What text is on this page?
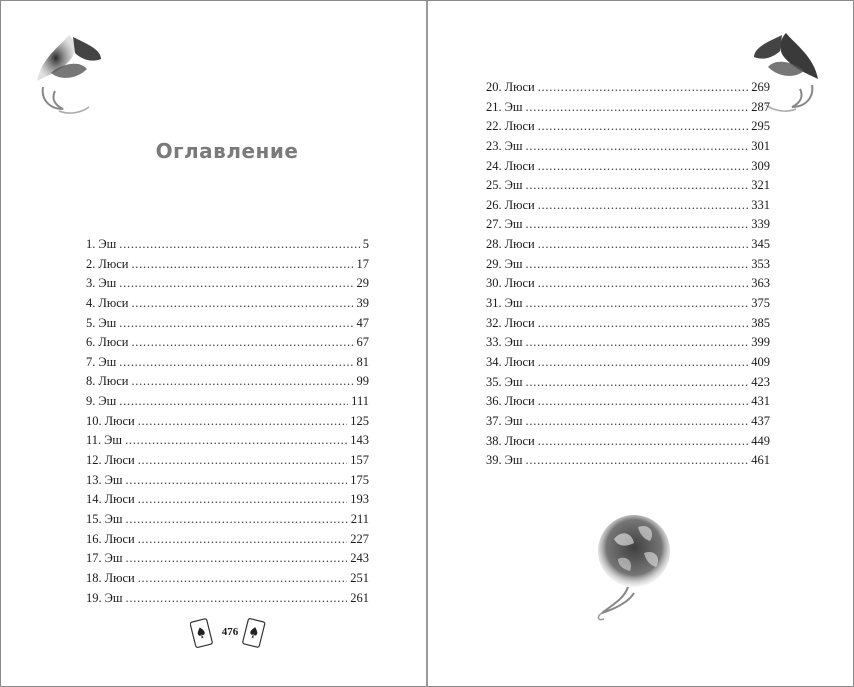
Оглавление
1. Эш . . .	5
2. Люси . . .	17
3. Эш . . .	29
4. Люси . . .	39
5. Эш . . .	47
6. Люси . . .	67
7. Эш . . .	81
8. Люси . . .	99
9. Эш . . .	111
10. Люси . . .	125
11. Эш . . .	143
12. Люси . . .	157
13. Эш . . .	175
14. Люси . . .	193
15. Эш . . .	211
16. Люси . . .	227
17. Эш . . .	243
18. Люси . . .	251
19. Эш . . .	261
476
20. Люси . . .	269
21. Эш . . .	287
22. Люси . . .	295
23. Эш . . .	301
24. Люси . . .	309
25. Эш . . .	321
26. Люси . . .	331
27. Эш . . .	339
28. Люси . . .	345
29. Эш . . .	353
30. Люси . . .	363
31. Эш . . .	375
32. Люси . . .	385
33. Эш . . .	399
34. Люси . . .	409
35. Эш . . .	423
36. Люси . . .	431
37. Эш . . .	437
38. Люси . . .	449
39. Эш . . .	461
